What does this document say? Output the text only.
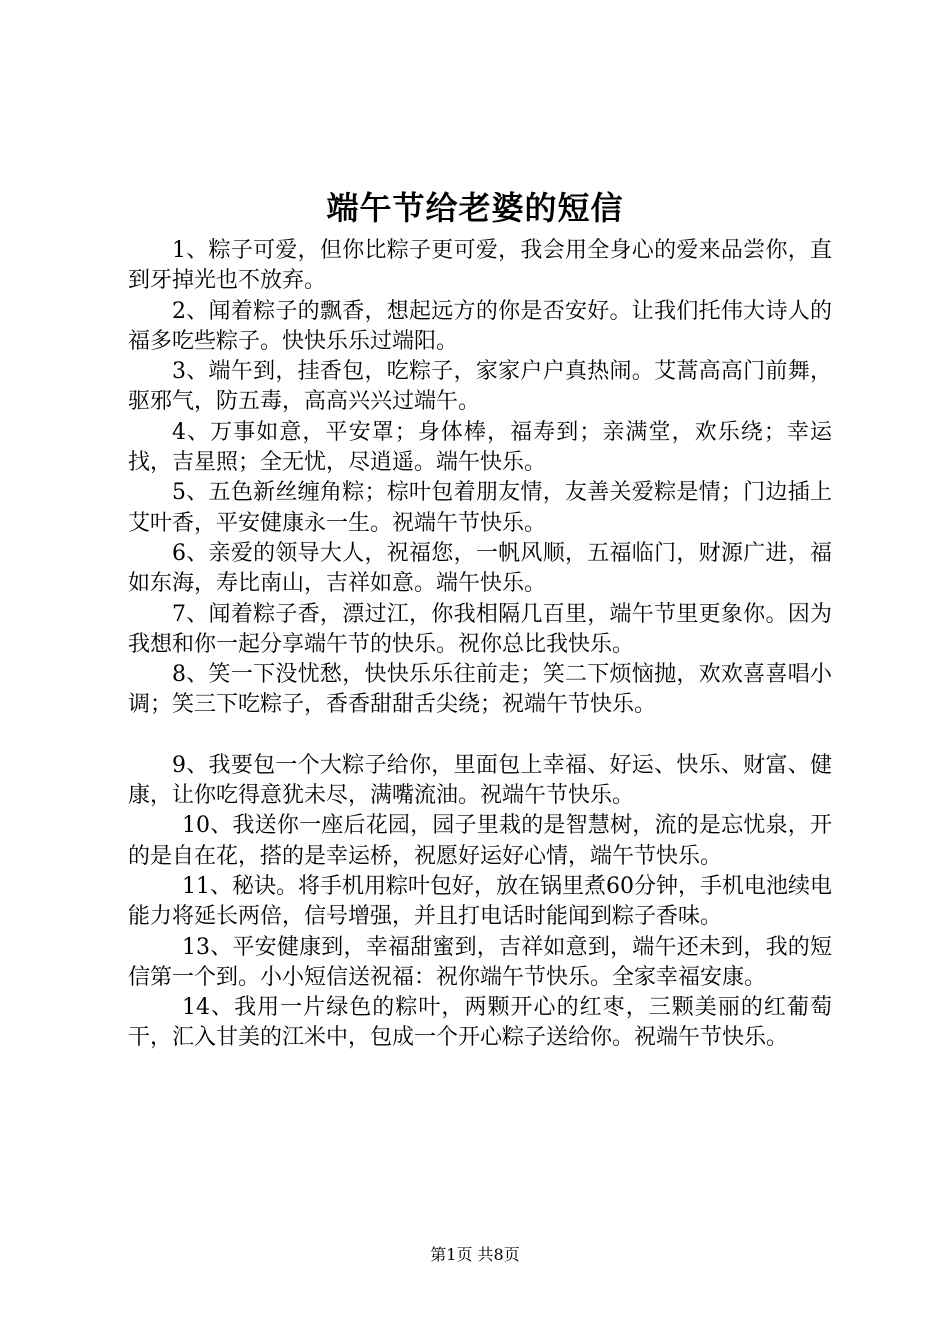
端午节给老婆的短信

1、粽子可爱，但你比粽子更可爱，我会用全身心的爱来品尝你，直到牙掉光也不放弃。

2、闻着粽子的飘香，想起远方的你是否安好。让我们托伟大诗人的福多吃些粽子。快快乐乐过端阳。

3、端午到，挂香包，吃粽子，家家户户真热闹。艾蒿高高门前舞，驱邪气，防五毒，高高兴兴过端午。

4、万事如意，平安罩；身体棒，福寿到；亲满堂，欢乐绕；幸运找，吉星照；全无忧，尽逍遥。端午快乐。

5、五色新丝缠角粽；棕叶包着朋友情，友善关爱粽是情；门边插上艾叶香，平安健康永一生。祝端午节快乐。

6、亲爱的领导大人，祝福您，一帆风顺，五福临门，财源广进，福如东海，寿比南山，吉祥如意。端午快乐。

7、闻着粽子香，漂过江，你我相隔几百里，端午节里更象你。因为我想和你一起分享端午节的快乐。祝你总比我快乐。

8、笑一下没忧愁，快快乐乐往前走；笑二下烦恼抛，欢欢喜喜唱小调；笑三下吃粽子，香香甜甜舌尖绕；祝端午节快乐。

9、我要包一个大粽子给你，里面包上幸福、好运、快乐、财富、健康，让你吃得意犹未尽，满嘴流油。祝端午节快乐。

10、我送你一座后花园，园子里栽的是智慧树，流的是忘忧泉，开的是自在花，搭的是幸运桥，祝愿好运好心情，端午节快乐。

11、秘诀。将手机用粽叶包好，放在锅里煮60分钟，手机电池续电能力将延长两倍，信号增强，并且打电话时能闻到粽子香味。

13、平安健康到，幸福甜蜜到，吉祥如意到，端午还未到，我的短信第一个到。小小短信送祝福：祝你端午节快乐。全家幸福安康。

14、我用一片绿色的粽叶，两颗开心的红枣，三颗美丽的红葡萄干，汇入甘美的江米中，包成一个开心粽子送给你。祝端午节快乐。

第1页 共8页
